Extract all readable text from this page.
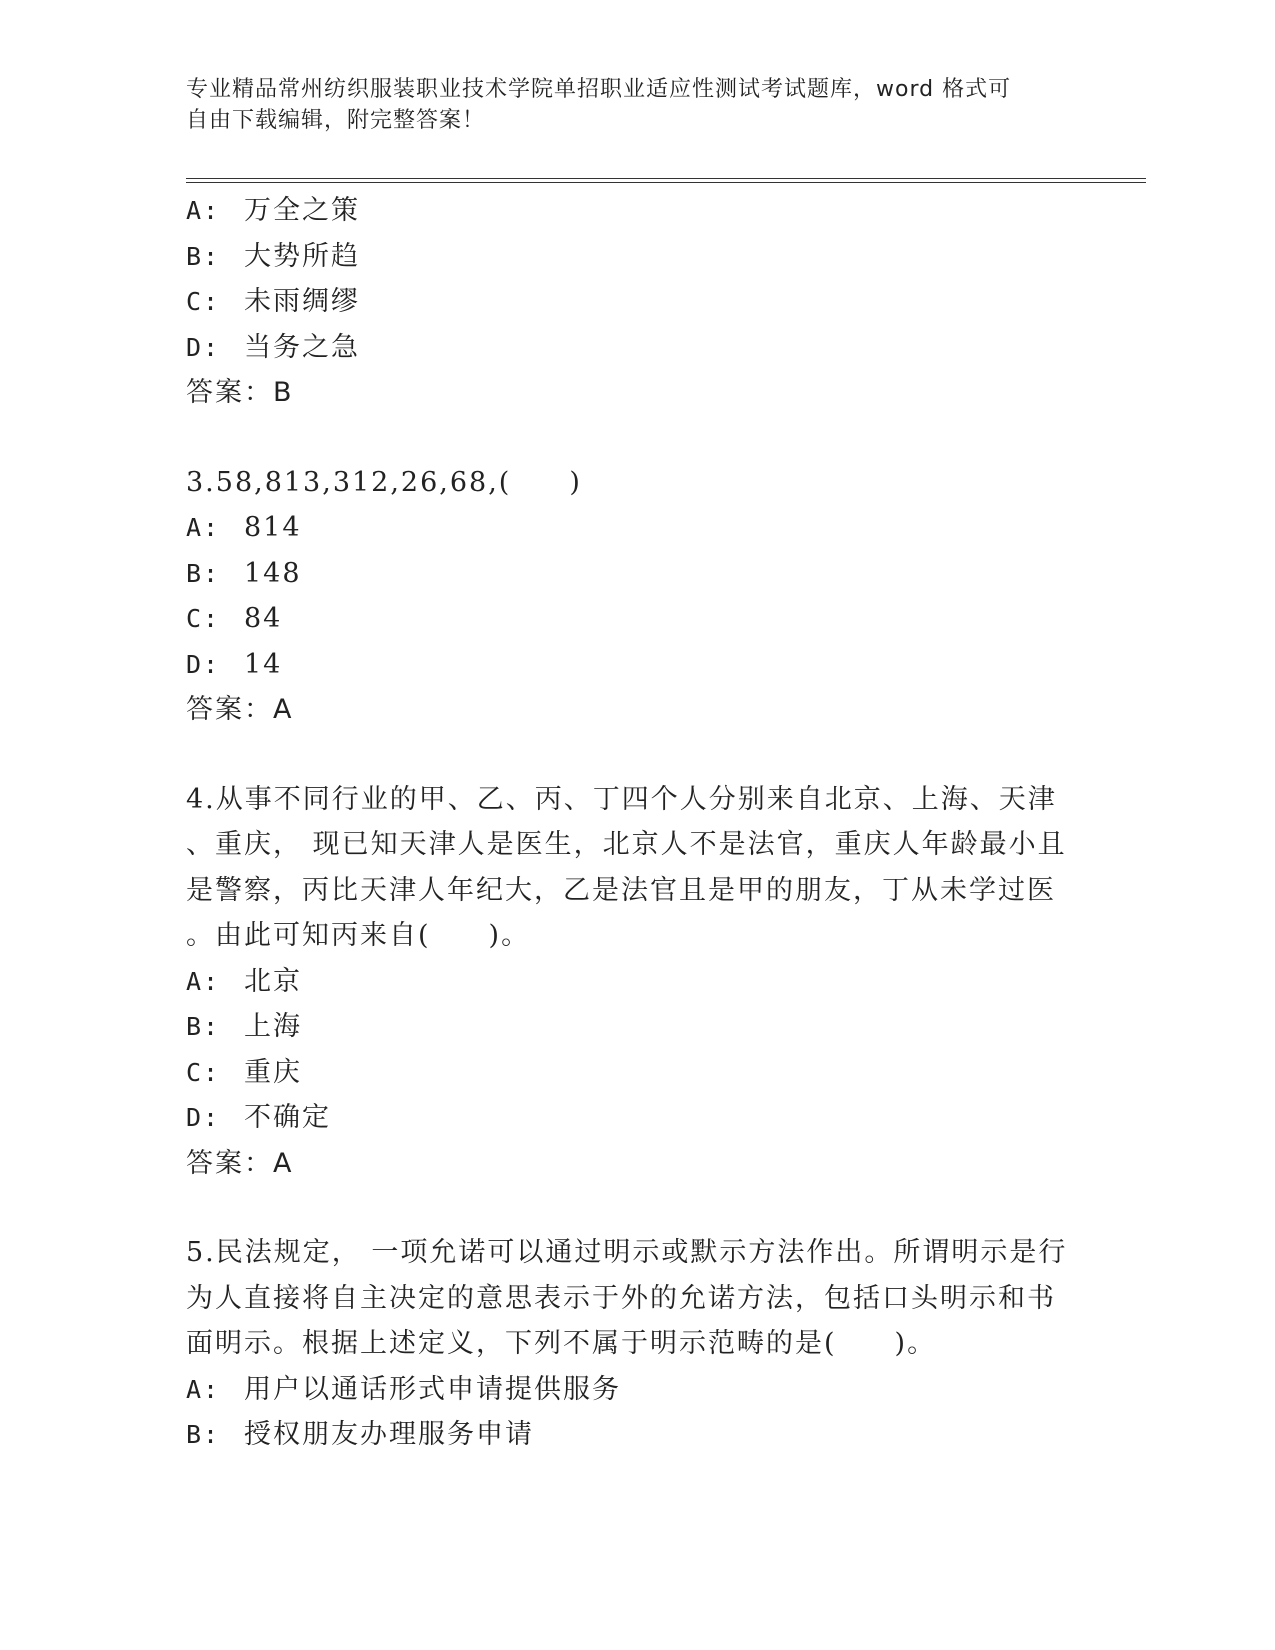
专业精品常州纺织服装职业技术学院单招职业适应性测试考试题库，word 格式可
自由下载编辑，附完整答案！
A: 万全之策
B: 大势所趋
C: 未雨绸缪
D: 当务之急
答案：B
3.58,813,312,26,68,(　　)
A: 814
B: 148
C: 84
D: 14
答案：A
4.从事不同行业的甲、乙、丙、丁四个人分别来自北京、上海、天津
、重庆， 现已知天津人是医生，北京人不是法官，重庆人年龄最小且
是警察，丙比天津人年纪大，乙是法官且是甲的朋友，丁从未学过医
。由此可知丙来自(　　)。
A: 北京
B: 上海
C: 重庆
D: 不确定
答案：A
5.民法规定， 一项允诺可以通过明示或默示方法作出。所谓明示是行
为人直接将自主决定的意思表示于外的允诺方法，包括口头明示和书
面明示。根据上述定义，下列不属于明示范畴的是(　　)。
A: 用户以通话形式申请提供服务
B: 授权朋友办理服务申请
